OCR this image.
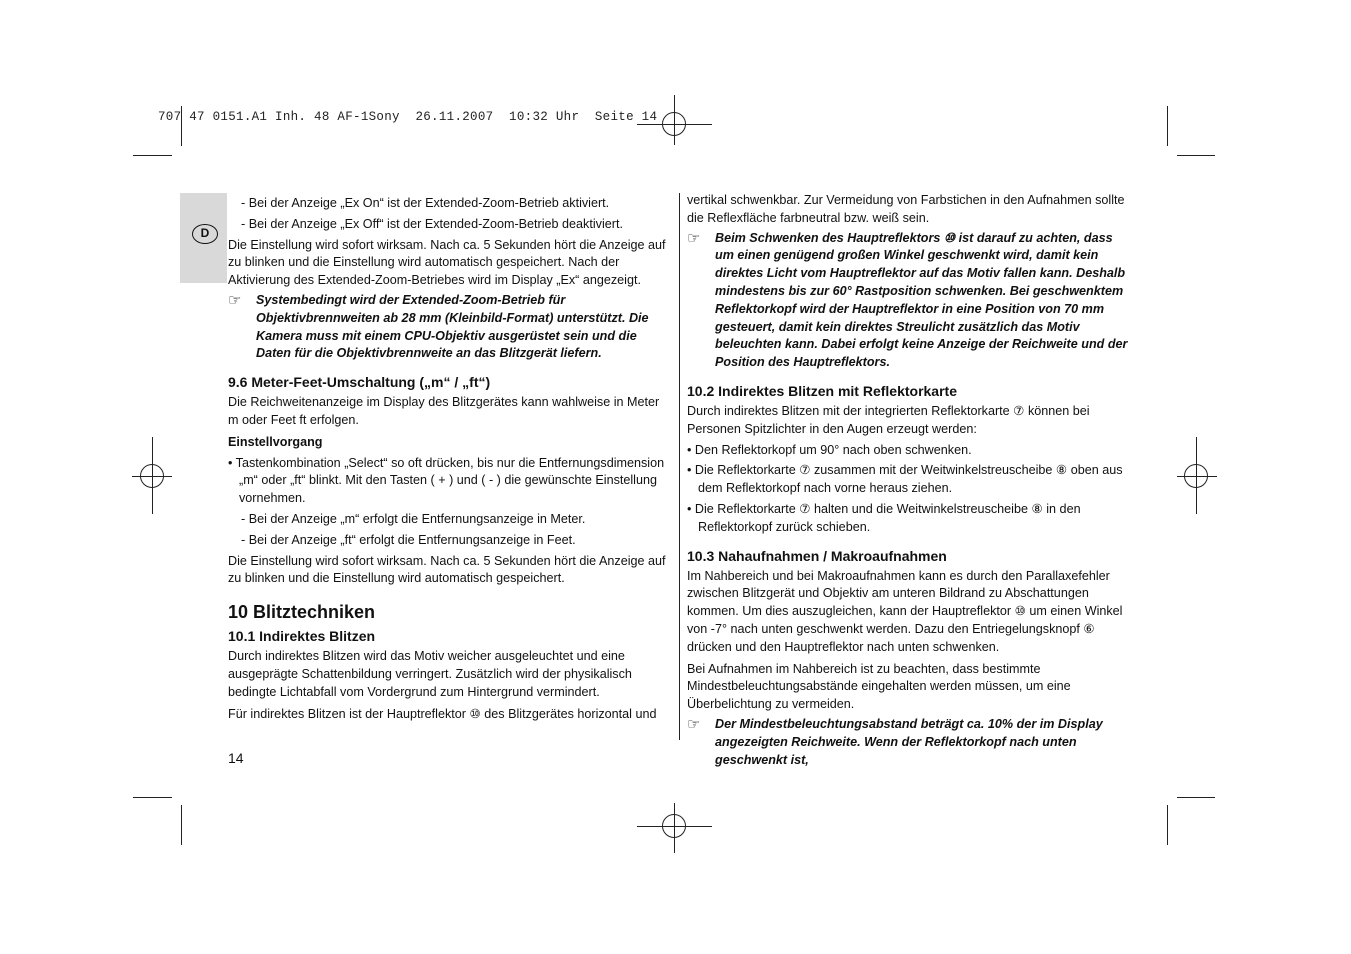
707 47 0151.A1 Inh. 48 AF-1Sony  26.11.2007  10:32 Uhr  Seite 14
D

- Bei der Anzeige „Ex On“ ist der Extended-Zoom-Betrieb aktiviert.

- Bei der Anzeige „Ex Off“ ist der Extended-Zoom-Betrieb deaktiviert.

Die Einstellung wird sofort wirksam. Nach ca. 5 Sekunden hört die Anzeige auf zu blinken und die Einstellung wird automatisch gespeichert. Nach der Aktivierung des Extended-Zoom-Betriebes wird im Display „Ex“ angezeigt.

☞ Systembedingt wird der Extended-Zoom-Betrieb für Objektivbrennweiten ab 28 mm (Kleinbild-Format) unterstützt. Die Kamera muss mit einem CPU-Objektiv ausgerüstet sein und die Daten für die Objektivbrennweite an das Blitzgerät liefern.

9.6 Meter-Feet-Umschaltung („m“ / „ft“)

Die Reichweitenanzeige im Display des Blitzgerätes kann wahlweise in Meter m oder Feet ft erfolgen.

Einstellvorgang

• Tastenkombination „Select“ so oft drücken, bis nur die Entfernungsdimension „m“ oder „ft“ blinkt. Mit den Tasten ( + ) und ( - ) die gewünschte Einstellung vornehmen.

- Bei der Anzeige „m“ erfolgt die Entfernungsanzeige in Meter.

- Bei der Anzeige „ft“ erfolgt die Entfernungsanzeige in Feet.

Die Einstellung wird sofort wirksam. Nach ca. 5 Sekunden hört die Anzeige auf zu blinken und die Einstellung wird automatisch gespeichert.

10 Blitztechniken
10.1 Indirektes Blitzen

Durch indirektes Blitzen wird das Motiv weicher ausgeleuchtet und eine ausgeprägte Schattenbildung verringert. Zusätzlich wird der physikalisch bedingte Lichtabfall vom Vordergrund zum Hintergrund vermindert.

Für indirektes Blitzen ist der Hauptreflektor ⑩ des Blitzgerätes horizontal und

vertikal schwenkbar. Zur Vermeidung von Farbstichen in den Aufnahmen sollte die Reflexfläche farbneutral bzw. weiß sein.

☞ Beim Schwenken des Hauptreflektors ⑩ ist darauf zu achten, dass um einen genügend großen Winkel geschwenkt wird, damit kein direktes Licht vom Hauptreflektor auf das Motiv fallen kann. Deshalb mindestens bis zur 60° Rastposition schwenken. Bei geschwenktem Reflektorkopf wird der Hauptreflektor in eine Position von 70 mm gesteuert, damit kein direktes Streulicht zusätzlich das Motiv beleuchten kann. Dabei erfolgt keine Anzeige der Reichweite und der Position des Hauptreflektors.

10.2 Indirektes Blitzen mit Reflektorkarte

Durch indirektes Blitzen mit der integrierten Reflektorkarte ⑦ können bei Personen Spitzlichter in den Augen erzeugt werden:

• Den Reflektorkopf um 90° nach oben schwenken.

• Die Reflektorkarte ⑦ zusammen mit der Weitwinkelstreuscheibe ⑧ oben aus dem Reflektorkopf nach vorne heraus ziehen.

• Die Reflektorkarte ⑦ halten und die Weitwinkelstreuscheibe ⑧ in den Reflektorkopf zurück schieben.

10.3 Nahaufnahmen / Makroaufnahmen

Im Nahbereich und bei Makroaufnahmen kann es durch den Parallaxefehler zwischen Blitzgerät und Objektiv am unteren Bildrand zu Abschattungen kommen. Um dies auszugleichen, kann der Hauptreflektor ⑩ um einen Winkel von -7° nach unten geschwenkt werden. Dazu den Entriegelungsknopf ⑥ drücken und den Hauptreflektor nach unten schwenken.

Bei Aufnahmen im Nahbereich ist zu beachten, dass bestimmte Mindestbeleuchtungsabstände eingehalten werden müssen, um eine Überbelichtung zu vermeiden.

☞ Der Mindestbeleuchtungsabstand beträgt ca. 10% der im Display angezeigten Reichweite. Wenn der Reflektorkopf nach unten geschwenkt ist,

14
